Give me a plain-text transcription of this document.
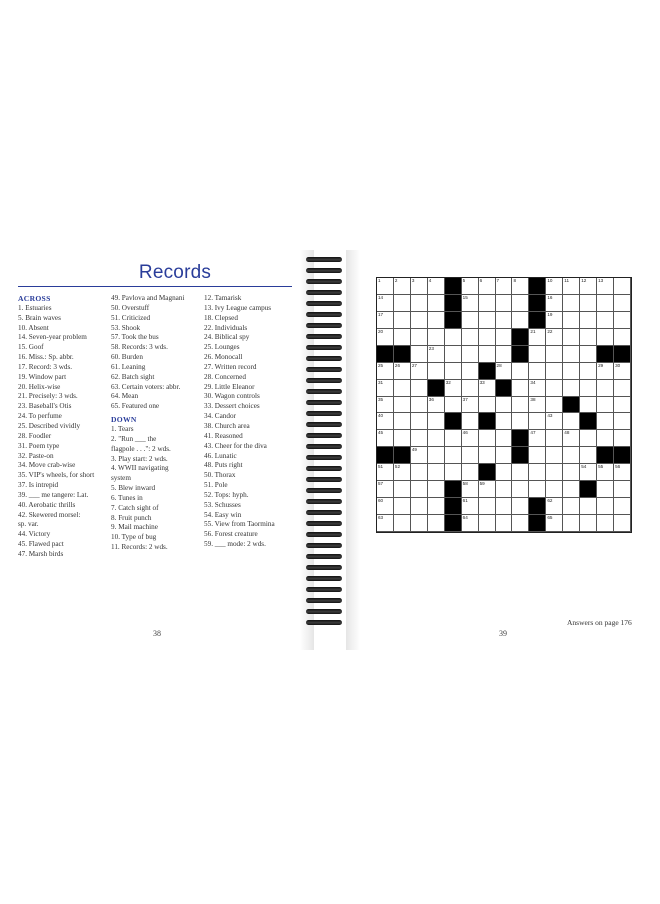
Records
ACROSS
1. Estuaries
5. Brain waves
10. Absent
14. Seven-year problem
15. Goof
16. Miss.: Sp. abbr.
17. Record: 3 wds.
19. Window part
20. Helix-wise
21. Precisely: 3 wds.
23. Baseball's Otis
24. To perfume
25. Described vividly
28. Foodler
31. Poem type
32. Paste-on
34. Move crab-wise
35. VIP's wheels, for short
37. Is intrepid
39. ___ me tangere: Lat.
40. Aerobatic thrills
42. Skewered morsel:
sp. var.
44. Victory
45. Flawed pact
47. Marsh birds
49. Pavlova and Magnani
50. Overstuff
51. Criticized
53. Shook
57. Took the bus
58. Records: 3 wds.
60. Burden
61. Leaning
62. Batch sight
63. Certain voters: abbr.
64. Mean
65. Featured one
DOWN
1. Tears
2. "Run ___ the
flagpole . . .": 2 wds.
3. Play start: 2 wds.
4. WWII navigating
system
5. Blew inward
6. Tunes in
7. Catch sight of
8. Fruit punch
9. Mail machine
10. Type of bug
11. Records: 2 wds.
12. Tamarisk
13. Ivy League campus
18. Clepsed
22. Individuals
24. Biblical spy
25. Lounges
26. Monocall
27. Written record
28. Concerned
29. Little Eleanor
30. Wagon controls
33. Dessert choices
34. Candor
38. Church area
41. Reasoned
43. Cheer for the diva
46. Lunatic
48. Puts right
50. Thorax
51. Pole
52. Tops: hyph.
53. Schusses
54. Easy win
55. View from Taormina
56. Forest creature
59. ___ mode: 2 wds.
38	39
Answers on page 176
1	2	3	4	5	6	7	8	10	11	12	13
14	15	16
17	19
20	21	22
23
25	26	27	28	29	30
31	32	33	34
35	36	37	38
40	43
45	46	47	48
49
51	52	54	55	56
57	58	59
60	61	62
63	64	65
